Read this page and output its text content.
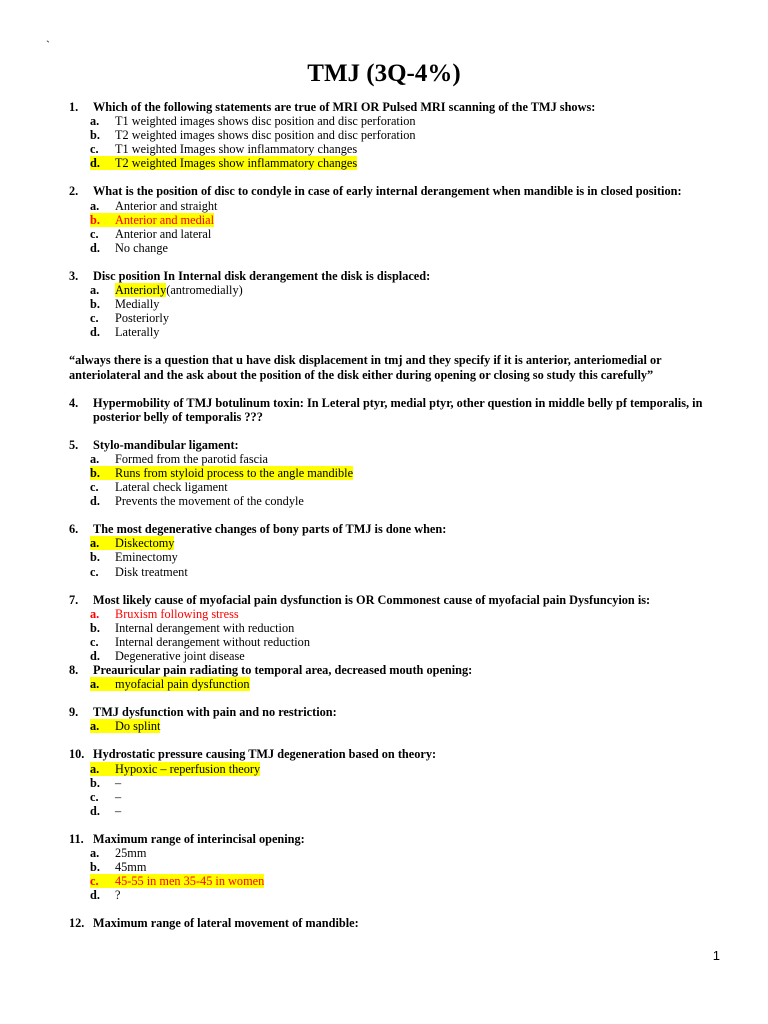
`
TMJ (3Q-4%)
1.	Which of the following statements are true of MRI OR Pulsed MRI scanning of the TMJ shows:
a.	T1 weighted images shows disc position and disc perforation
b.	T2 weighted images shows disc position and disc perforation
c.	T1 weighted Images show inflammatory changes
d.	T2 weighted Images show inflammatory changes
2.	What is the position of disc to condyle in case of early internal derangement when mandible is in closed position:
a.	Anterior and straight
b.	Anterior and medial
c.	Anterior and lateral
d.	No change
3.	Disc position In Internal disk derangement the disk is displaced:
a.	Anteriorly (antromedially)
b.	Medially
c.	Posteriorly
d.	Laterally
“always there is a question that u have disk displacement in tmj and they specify if it is anterior, anteriomedial or anteriolateral and the ask about the position of the disk either during opening or closing so study this carefully”
4.	Hypermobility of TMJ botulinum toxin: In Leteral ptyr, medial ptyr, other question in middle belly pf temporalis, in posterior belly of temporalis ???
5.	Stylo-mandibular ligament:
a.	Formed from the parotid fascia
b.	Runs from styloid process to the angle mandible
c.	Lateral check ligament
d.	Prevents the movement of the condyle
6.	The most degenerative changes of bony parts of TMJ is done when:
a.	Diskectomy
b.	Eminectomy
c.	Disk treatment
7.	Most likely cause of myofacial pain dysfunction is OR Commonest cause of myofacial pain Dysfuncyion is:
a.	Bruxism following stress
b.	Internal derangement with reduction
c.	Internal derangement without reduction
d.	Degenerative joint disease
8.	Preauricular pain radiating to temporal area, decreased mouth opening:
a.	myofacial pain dysfunction
9.	TMJ dysfunction with pain and no restriction:
a.	Do splint
10. Hydrostatic pressure causing TMJ degeneration based on theory:
a.	Hypoxic – reperfusion theory
b.	–
c.	–
d.	–
11. Maximum range of interincisal opening:
a.	25mm
b.	45mm
c.	45-55 in men 35-45 in women
d.	?
12. Maximum range of lateral movement of mandible:
1
